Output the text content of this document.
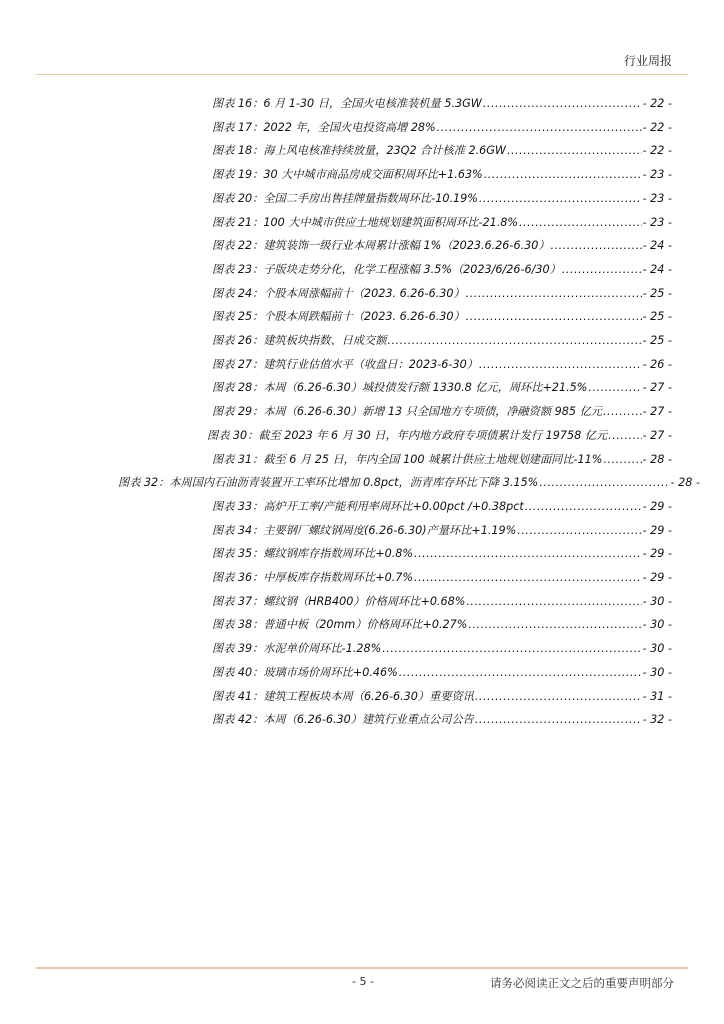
行业周报
图表 16：6 月 1-30 日，全国火电核准装机量 5.3GW .....	- 22 -
图表 17：2022 年，全国火电投资高增 28% .....	- 22 -
图表 18：海上风电核准持续放量，23Q2 合计核准 2.6GW .....	- 22 -
图表 19：30 大中城市商品房成交面积周环比+1.63% .....	- 23 -
图表 20：全国二手房出售挂牌量指数周环比-10.19% .....	- 23 -
图表 21：100 大中城市供应土地规划建筑面积周环比-21.8% .....	- 23 -
图表 22：建筑装饰一级行业本周累计涨幅 1%（2023.6.26-6.30） .....	- 24 -
图表 23：子版块走势分化，化学工程涨幅 3.5%（2023/6/26-6/30） .....	- 24 -
图表 24：个股本周涨幅前十（2023. 6.26-6.30） .....	- 25 -
图表 25：个股本周跌幅前十（2023. 6.26-6.30） .....	- 25 -
图表 26：建筑板块指数、日成交额 .....	- 25 -
图表 27：建筑行业估值水平（收盘日：2023-6-30） .....	- 26 -
图表 28：本周（6.26-6.30）城投债发行额 1330.8 亿元，周环比+21.5% .....	- 27 -
图表 29：本周（6.26-6.30）新增 13 只全国地方专项债，净融资额 985 亿元 .....	- 27 -
图表 30：截至 2023 年 6 月 30 日，年内地方政府专项债累计发行 19758 亿元 .....	- 27 -
图表 31：截至 6 月 25 日，年内全国 100 城累计供应土地规划建面同比-11% .....	- 28 -
图表 32：本周国内石油沥青装置开工率环比增加 0.8pct，沥青库存环比下降 3.15% .....	- 28 -
图表 33：高炉开工率/产能利用率周环比+0.00pct /+0.38pct .....	- 29 -
图表 34：主要钢厂螺纹钢周度(6.26-6.30)产量环比+1.19% .....	- 29 -
图表 35：螺纹钢库存指数周环比+0.8% .....	- 29 -
图表 36：中厚板库存指数周环比+0.7% .....	- 29 -
图表 37：螺纹钢（HRB400）价格周环比+0.68% .....	- 30 -
图表 38：普通中板（20mm）价格周环比+0.27% .....	- 30 -
图表 39：水泥单价周环比-1.28% .....	- 30 -
图表 40：玻璃市场价周环比+0.46% .....	- 30 -
图表 41：建筑工程板块本周（6.26-6.30）重要资讯 .....	- 31 -
图表 42：本周（6.26-6.30）建筑行业重点公司公告 .....	- 32 -
- 5 -	请务必阅读正文之后的重要声明部分
